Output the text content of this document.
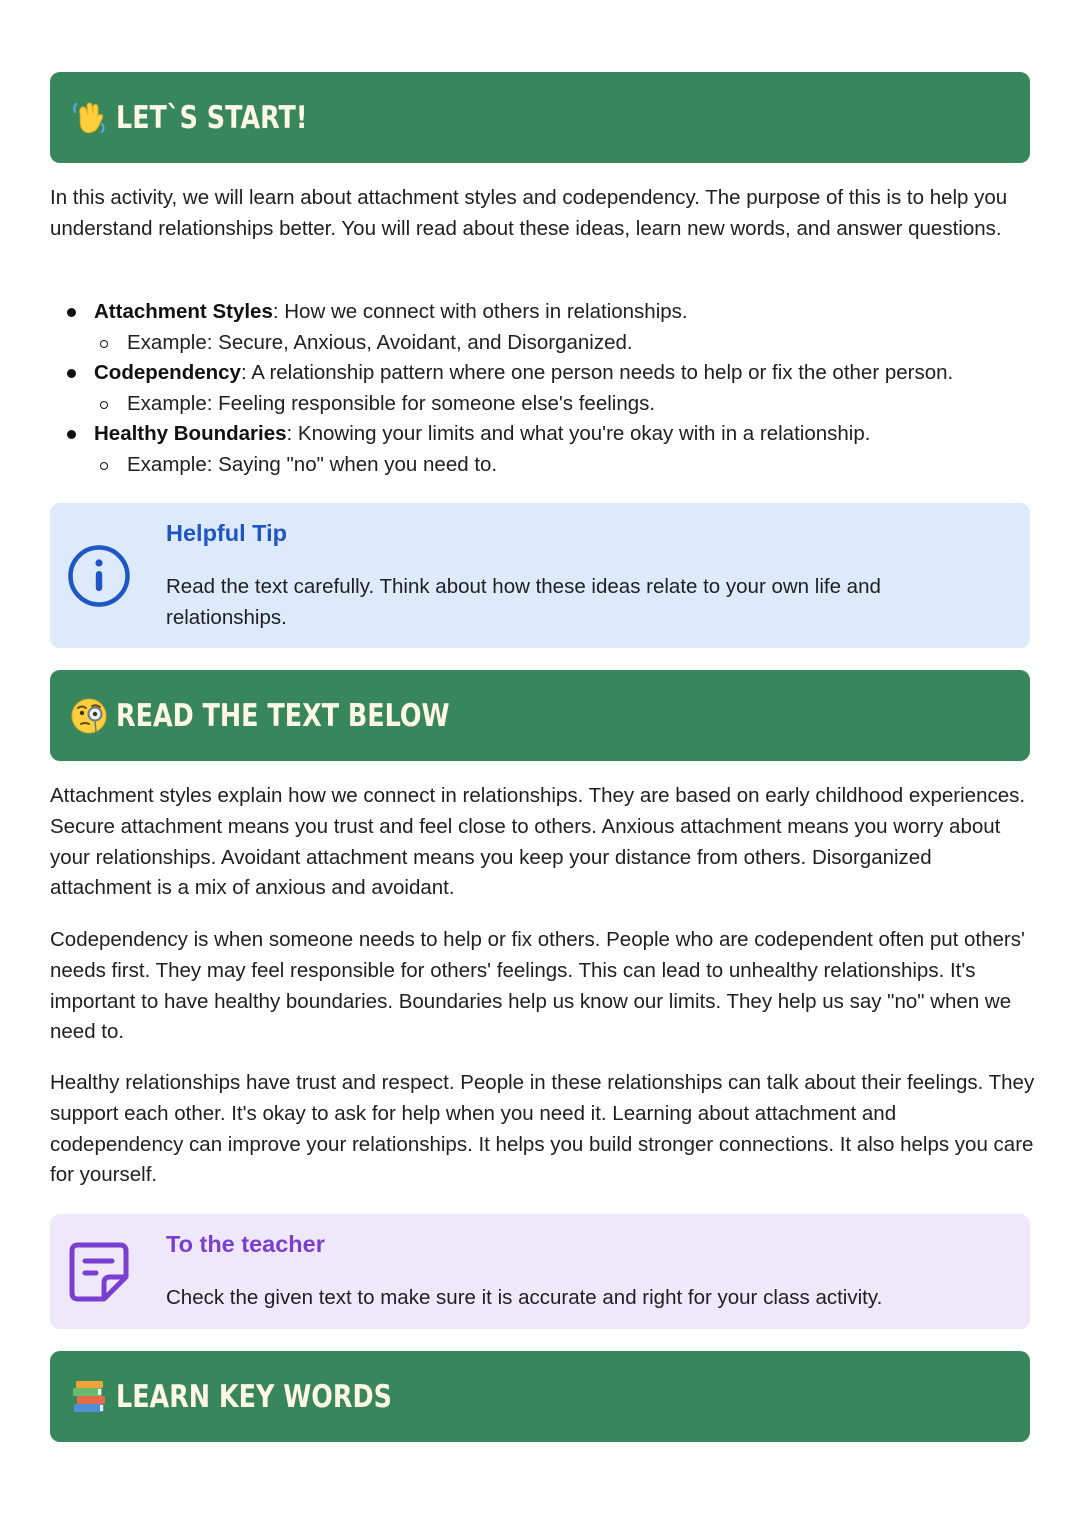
LET`S START!

In this activity, we will learn about attachment styles and codependency. The purpose of this is to help you understand relationships better. You will read about these ideas, learn new words, and answer questions.

Attachment Styles: How we connect with others in relationships.
Example: Secure, Anxious, Avoidant, and Disorganized.
Codependency: A relationship pattern where one person needs to help or fix the other person.
Example: Feeling responsible for someone else's feelings.
Healthy Boundaries: Knowing your limits and what you're okay with in a relationship.
Example: Saying "no" when you need to.

Helpful Tip

Read the text carefully. Think about how these ideas relate to your own life and relationships.

READ THE TEXT BELOW

Attachment styles explain how we connect in relationships. They are based on early childhood experiences. Secure attachment means you trust and feel close to others. Anxious attachment means you worry about your relationships. Avoidant attachment means you keep your distance from others. Disorganized attachment is a mix of anxious and avoidant.

Codependency is when someone needs to help or fix others. People who are codependent often put others' needs first. They may feel responsible for others' feelings. This can lead to unhealthy relationships. It's important to have healthy boundaries. Boundaries help us know our limits. They help us say "no" when we need to.

Healthy relationships have trust and respect. People in these relationships can talk about their feelings. They support each other. It's okay to ask for help when you need it. Learning about attachment and codependency can improve your relationships. It helps you build stronger connections. It also helps you care for yourself.

To the teacher

Check the given text to make sure it is accurate and right for your class activity.

LEARN KEY WORDS
